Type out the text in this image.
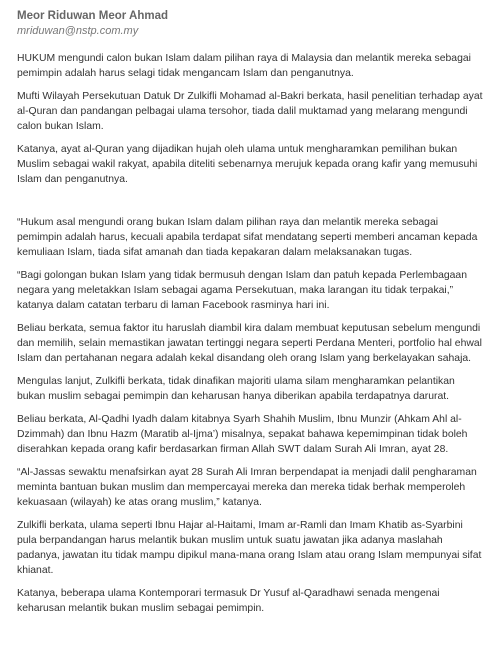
Meor Riduwan Meor Ahmad
mriduwan@nstp.com.my

HUKUM mengundi calon bukan Islam dalam pilihan raya di Malaysia dan melantik mereka sebagai pemimpin adalah harus selagi tidak mengancam Islam dan penganutnya.

Mufti Wilayah Persekutuan Datuk Dr Zulkifli Mohamad al-Bakri berkata, hasil penelitian terhadap ayat al-Quran dan pandangan pelbagai ulama tersohor, tiada dalil muktamad yang melarang mengundi calon bukan Islam.

Katanya, ayat al-Quran yang dijadikan hujah oleh ulama untuk mengharamkan pemilihan bukan Muslim sebagai wakil rakyat, apabila diteliti sebenarnya merujuk kepada orang kafir yang memusuhi Islam dan penganutnya.

“Hukum asal mengundi orang bukan Islam dalam pilihan raya dan melantik mereka sebagai pemimpin adalah harus, kecuali apabila terdapat sifat mendatang seperti memberi ancaman kepada kemuliaan Islam, tiada sifat amanah dan tiada kepakaran dalam melaksanakan tugas.

“Bagi golongan bukan Islam yang tidak bermusuh dengan Islam dan patuh kepada Perlembagaan negara yang meletakkan Islam sebagai agama Persekutuan, maka larangan itu tidak terpakai,” katanya dalam catatan terbaru di laman Facebook rasminya hari ini.

Beliau berkata, semua faktor itu haruslah diambil kira dalam membuat keputusan sebelum mengundi dan memilih, selain memastikan jawatan tertinggi negara seperti Perdana Menteri, portfolio hal ehwal Islam dan pertahanan negara adalah kekal disandang oleh orang Islam yang berkelayakan sahaja.

Mengulas lanjut, Zulkifli berkata, tidak dinafikan majoriti ulama silam mengharamkan pelantikan bukan muslim sebagai pemimpin dan keharusan hanya diberikan apabila terdapatnya darurat.

Beliau berkata, Al-Qadhi Iyadh dalam kitabnya Syarh Shahih Muslim, Ibnu Munzir (Ahkam Ahl al-Dzimmah) dan Ibnu Hazm (Maratib al-Ijma’) misalnya, sepakat bahawa kepemimpinan tidak boleh diserahkan kepada orang kafir berdasarkan firman Allah SWT dalam Surah Ali Imran, ayat 28.

“Al-Jassas sewaktu menafsirkan ayat 28 Surah Ali Imran berpendapat ia menjadi dalil pengharaman meminta bantuan bukan muslim dan mempercayai mereka dan mereka tidak berhak memperoleh kekuasaan (wilayah) ke atas orang muslim,” katanya.

Zulkifli berkata, ulama seperti Ibnu Hajar al-Haitami, Imam ar-Ramli dan Imam Khatib as-Syarbini pula berpandangan harus melantik bukan muslim untuk suatu jawatan jika adanya maslahah padanya, jawatan itu tidak mampu dipikul mana-mana orang Islam atau orang Islam mempunyai sifat khianat.

Katanya, beberapa ulama Kontemporari termasuk Dr Yusuf al-Qaradhawi senada mengenai keharusan melantik bukan muslim sebagai pemimpin.
